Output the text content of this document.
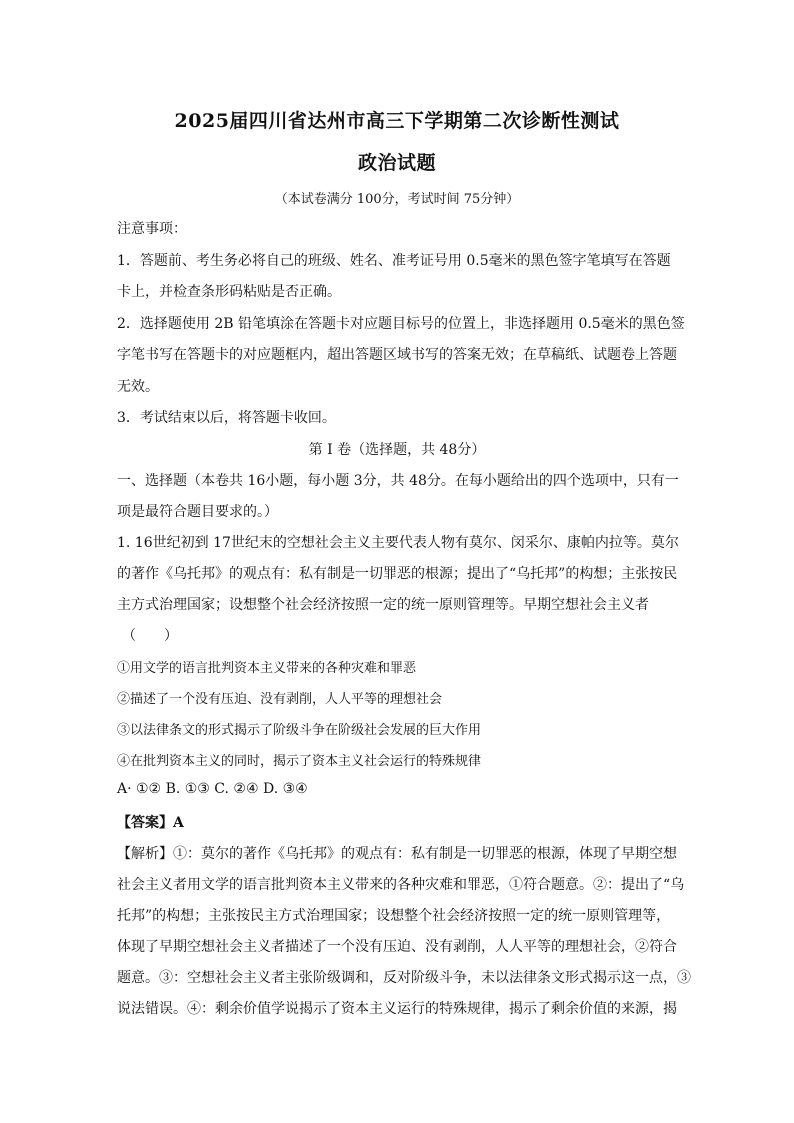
2025届四川省达州市高三下学期第二次诊断性测试
政治试题
（本试卷满分 100分，考试时间 75分钟）
注意事项：
1．答题前、考生务必将自己的班级、姓名、准考证号用 0.5毫米的黑色签字笔填写在答题
卡上，并检查条形码粘贴是否正确。
2．选择题使用 2B 铅笔填涂在答题卡对应题目标号的位置上，非选择题用 0.5毫米的黑色签
字笔书写在答题卡的对应题框内，超出答题区域书写的答案无效；在草稿纸、试题卷上答题
无效。
3．考试结束以后，将答题卡收回。
第 I 卷（选择题，共 48分）
一、选择题（本卷共 16小题，每小题 3分，共 48分。在每小题给出的四个选项中，只有一
项是最符合题目要求的。）
1. 16世纪初到 17世纪末的空想社会主义主要代表人物有莫尔、闵采尔、康帕内拉等。莫尔
的著作《乌托邦》的观点有：私有制是一切罪恶的根源；提出了“乌托邦”的构想；主张按民
主方式治理国家；设想整个社会经济按照一定的统一原则管理等。早期空想社会主义者
（　　）
①用文学的语言批判资本主义带来的各种灾难和罪恶
②描述了一个没有压迫、没有剥削，人人平等的理想社会
③以法律条文的形式揭示了阶级斗争在阶级社会发展的巨大作用
④在批判资本主义的同时，揭示了资本主义社会运行的特殊规律
A· ①② B. ①③ C. ②④ D. ③④
【答案】A
【解析】①：莫尔的著作《乌托邦》的观点有：私有制是一切罪恶的根源，体现了早期空想
社会主义者用文学的语言批判资本主义带来的各种灾难和罪恶，①符合题意。②：提出了“乌
托邦”的构想；主张按民主方式治理国家；设想整个社会经济按照一定的统一原则管理等，
体现了早期空想社会主义者描述了一个没有压迫、没有剥削，人人平等的理想社会，②符合
题意。③：空想社会主义者主张阶级调和，反对阶级斗争，未以法律条文形式揭示这一点，③
说法错误。④：剩余价值学说揭示了资本主义运行的特殊规律，揭示了剩余价值的来源，揭
